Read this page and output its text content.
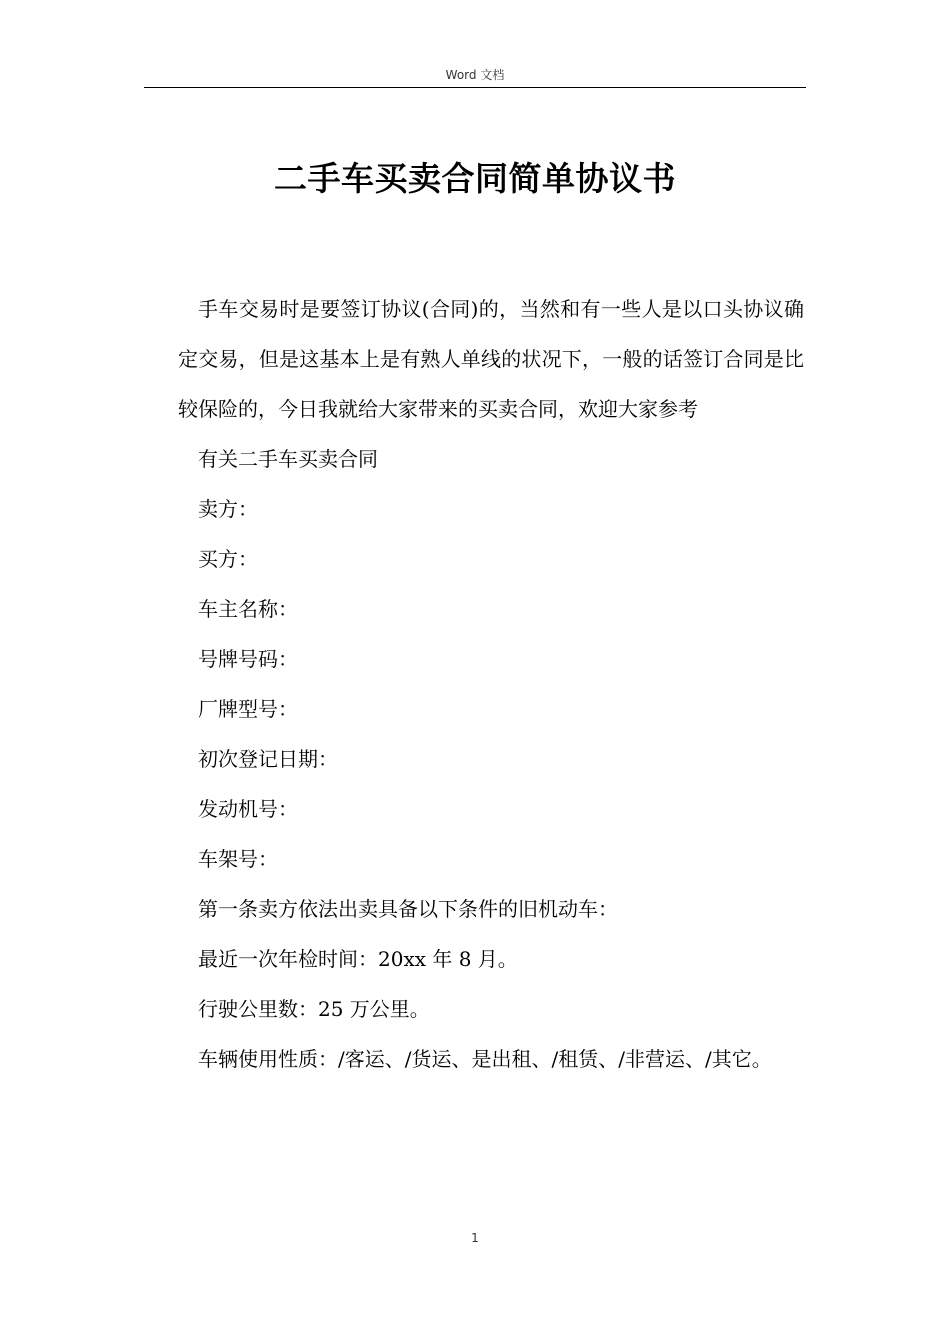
Word 文档
二手车买卖合同简单协议书

手车交易时是要签订协议(合同)的，当然和有一些人是以口头协议确定交易，但是这基本上是有熟人单线的状况下，一般的话签订合同是比较保险的，今日我就给大家带来的买卖合同，欢迎大家参考

有关二手车买卖合同

卖方：

买方：

车主名称：

号牌号码：

厂牌型号：

初次登记日期：

发动机号：

车架号：

第一条卖方依法出卖具备以下条件的旧机动车：

最近一次年检时间：20xx 年 8 月。

行驶公里数：25 万公里。

车辆使用性质：/客运、/货运、是出租、/租赁、/非营运、/其它。

1
